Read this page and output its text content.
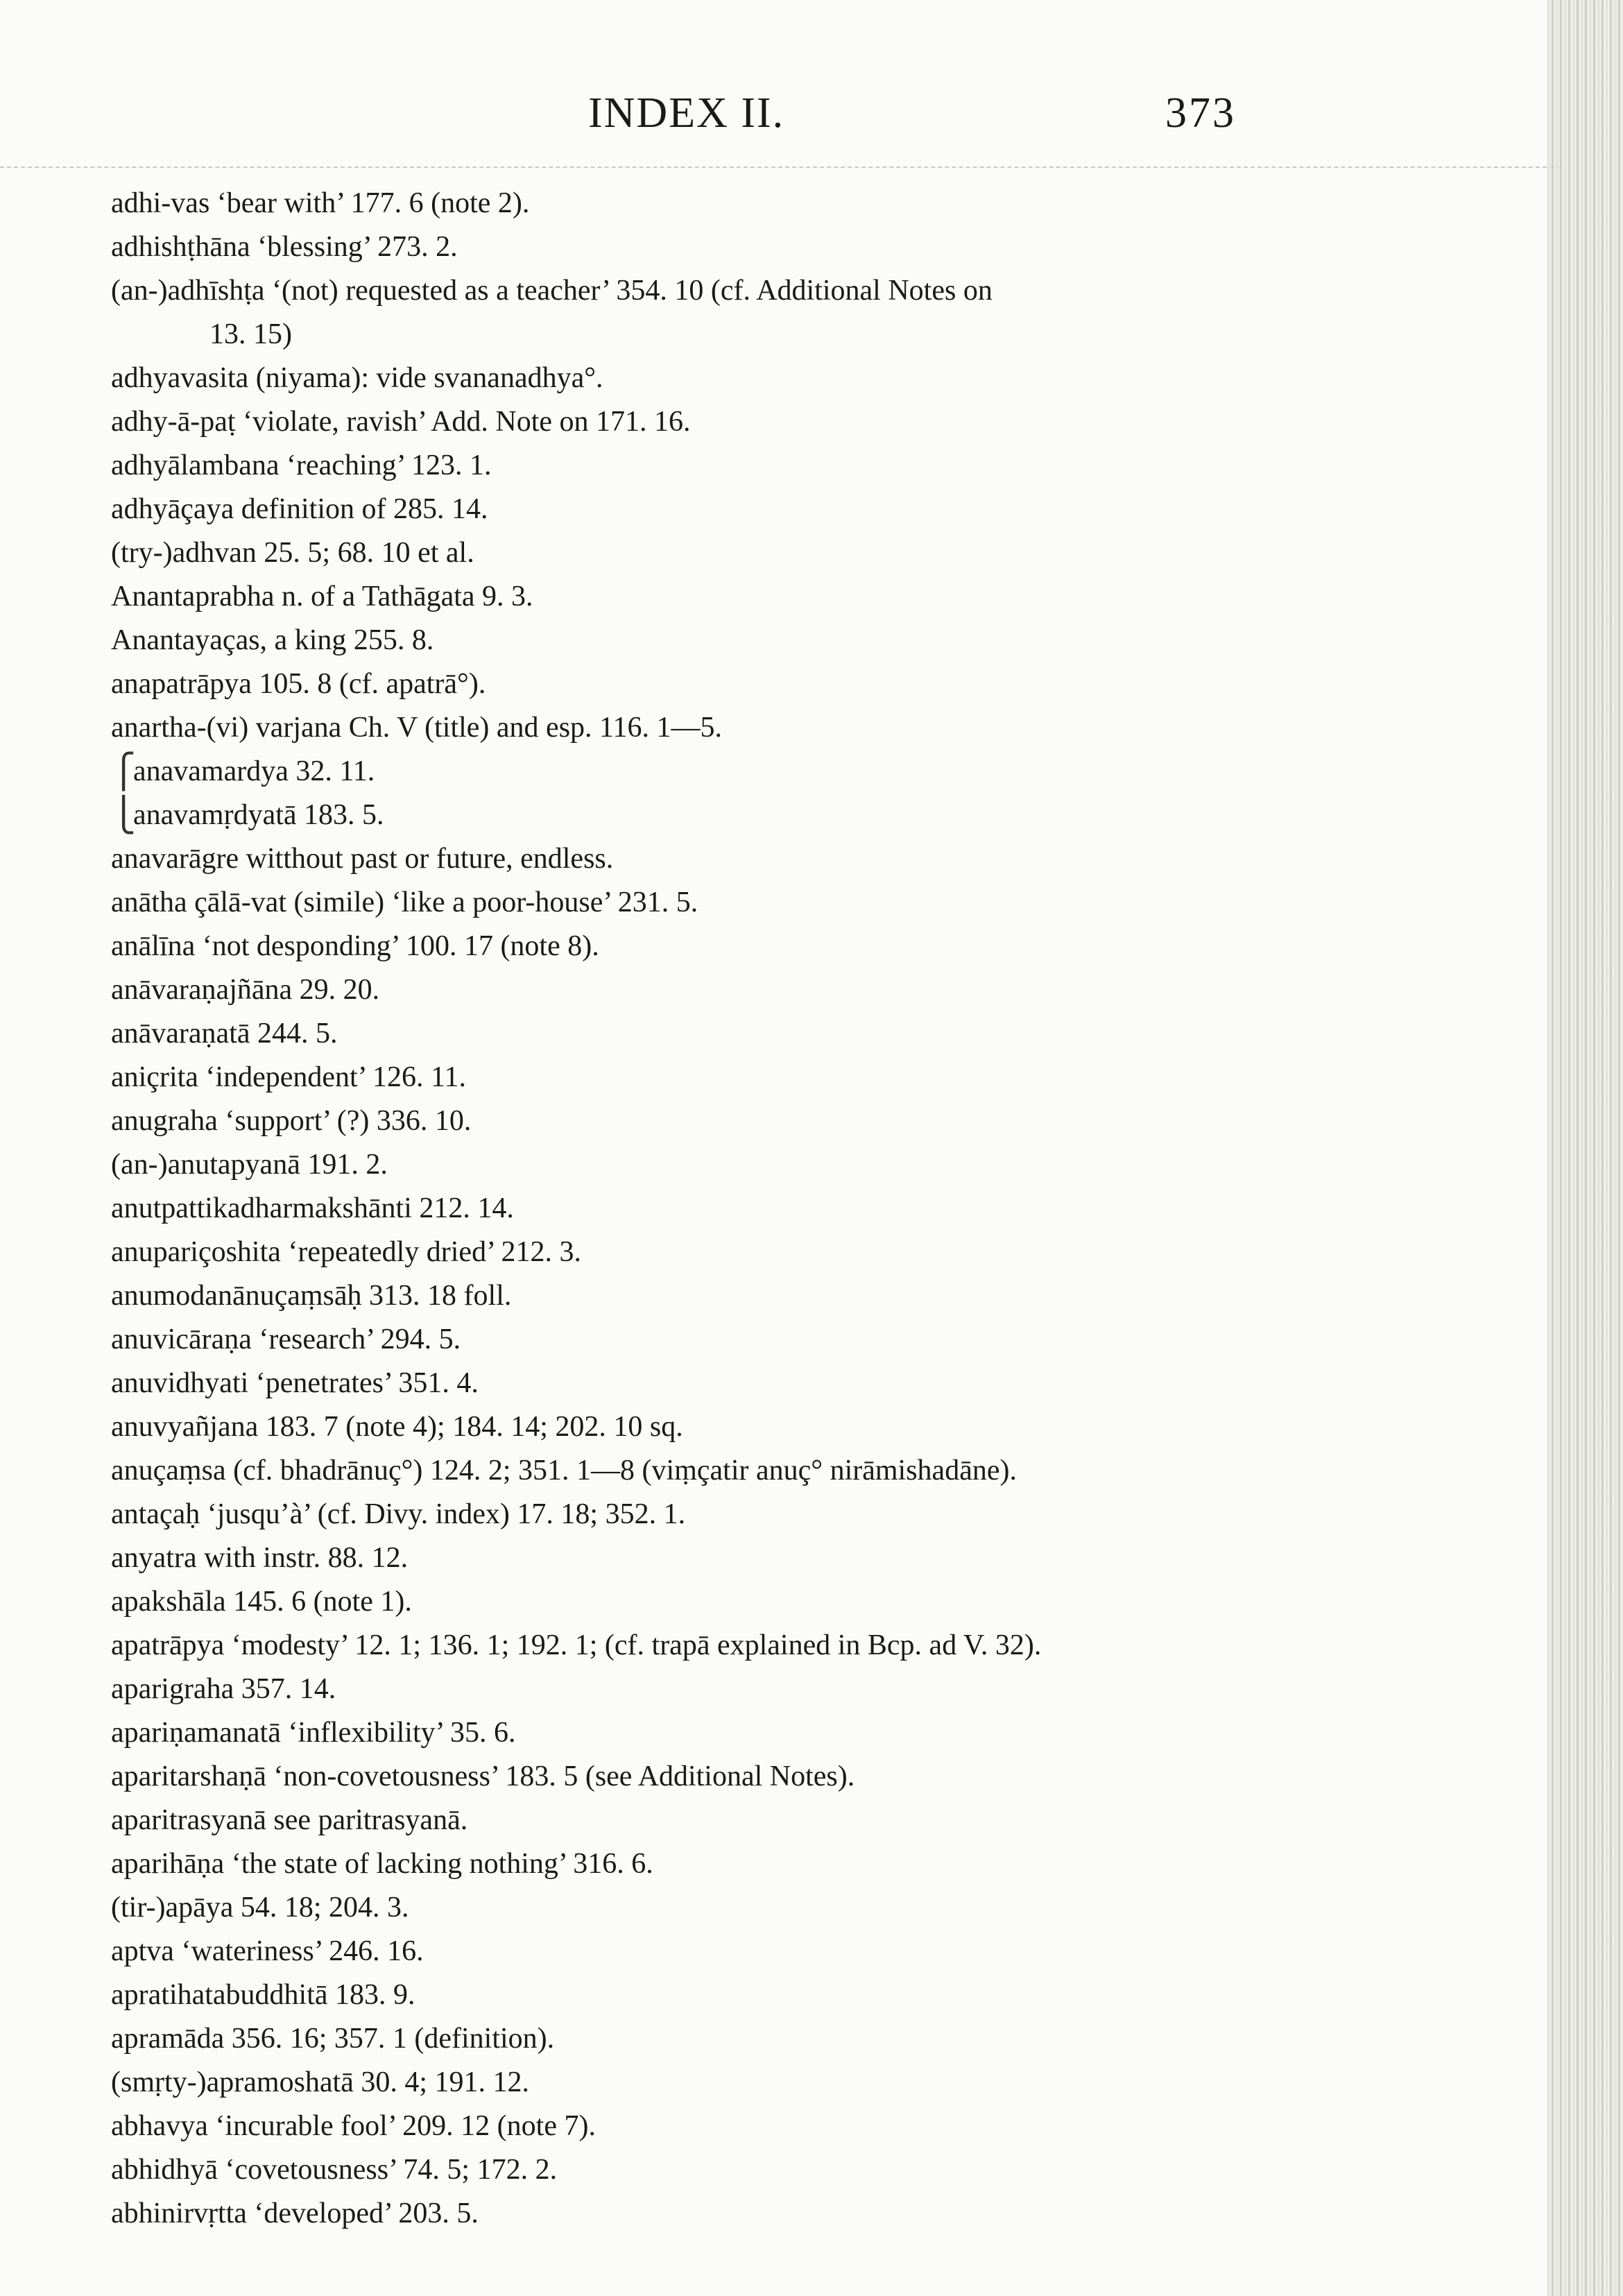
INDEX II.	373
adhi-vas ‘bear with’ 177. 6 (note 2).
adhishṭhāna ‘blessing’ 273. 2.
(an-)adhīshṭa ‘(not) requested as a teacher’ 354. 10 (cf. Additional Notes on
13. 15)
adhyavasita (niyama): vide svananadhya°.
adhy-ā-paṭ ‘violate, ravish’ Add. Note on 171. 16.
adhyālambana ‘reaching’ 123. 1.
adhyāçaya definition of 285. 14.
(try-)adhvan 25. 5; 68. 10 et al.
Anantaprabha n. of a Tathāgata 9. 3.
Anantayaças, a king 255. 8.
anapatrāpya 105. 8 (cf. apatrā°).
anartha-(vi) varjana Ch. V (title) and esp. 116. 1—5.
⎧ anavamardya 32. 11.
⎩ anavamṛdyatā 183. 5.
anavarāgre witthout past or future, endless.
anātha çālā-vat (simile) ‘like a poor-house’ 231. 5.
anālīna ‘not desponding’ 100. 17 (note 8).
anāvaraṇajñāna 29. 20.
anāvaraṇatā 244. 5.
aniçrita ‘independent’ 126. 11.
anugraha ‘support’ (?) 336. 10.
(an-)anutapyanā 191. 2.
anutpattikadharmakshānti 212. 14.
anupariçoshita ‘repeatedly dried’ 212. 3.
anumodanānuçaṃsāḥ 313. 18 foll.
anuvicāraṇa ‘research’ 294. 5.
anuvidhyati ‘penetrates’ 351. 4.
anuvyañjana 183. 7 (note 4); 184. 14; 202. 10 sq.
anuçaṃsa (cf. bhadrānuç°) 124. 2; 351. 1—8 (viṃçatir anuç° nirāmishadāne).
antaçaḥ ‘jusqu’à’ (cf. Divy. index) 17. 18; 352. 1.
anyatra with instr. 88. 12.
apakshāla 145. 6 (note 1).
apatrāpya ‘modesty’ 12. 1; 136. 1; 192. 1; (cf. trapā explained in Bcp. ad V. 32).
aparigraha 357. 14.
apariṇamanatā ‘inflexibility’ 35. 6.
aparitarshaṇā ‘non-covetousness’ 183. 5 (see Additional Notes).
aparitrasyanā see paritrasyanā.
aparihāṇa ‘the state of lacking nothing’ 316. 6.
(tir-)apāya 54. 18; 204. 3.
aptva ‘wateriness’ 246. 16.
apratihatabuddhitā 183. 9.
apramāda 356. 16; 357. 1 (definition).
(smṛty-)apramoshatā 30. 4; 191. 12.
abhavya ‘incurable fool’ 209. 12 (note 7).
abhidhyā ‘covetousness’ 74. 5; 172. 2.
abhinirvṛtta ‘developed’ 203. 5.
